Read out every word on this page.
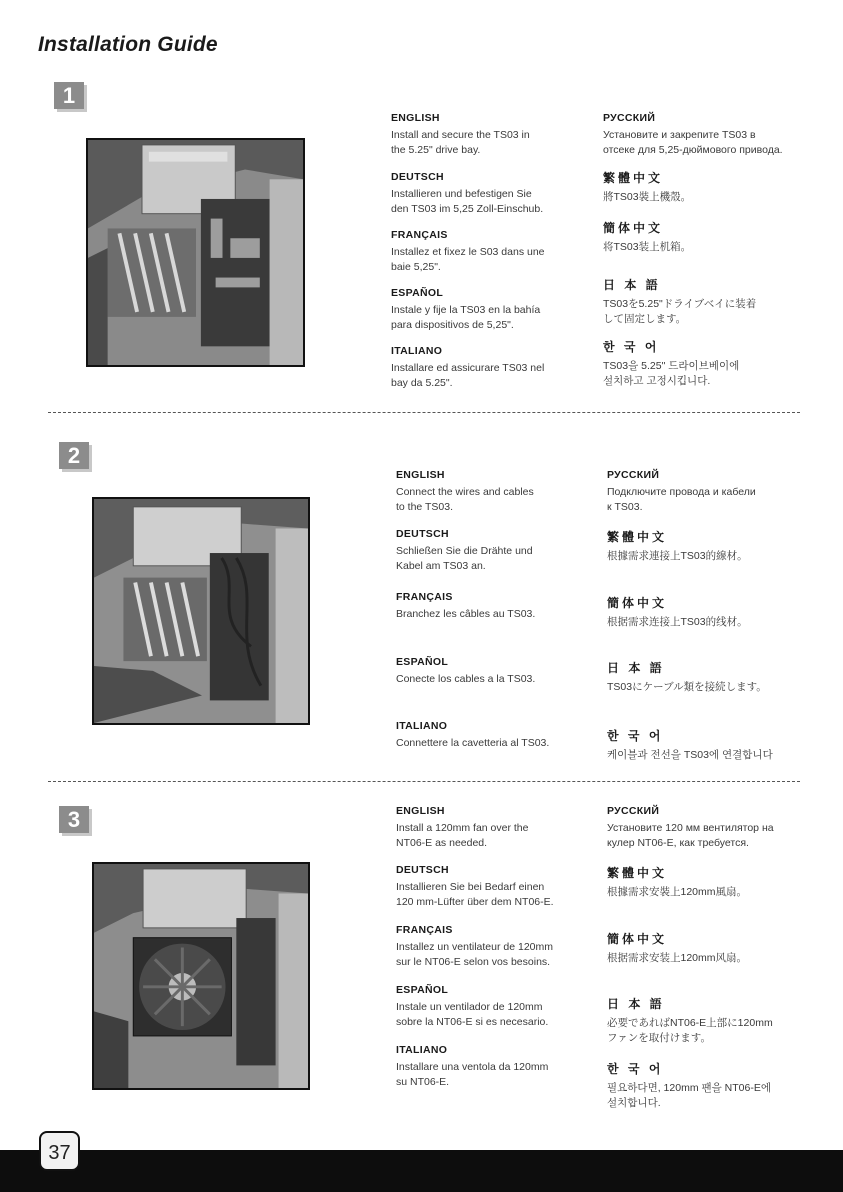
Installation Guide
1

ENGLISH

Install and secure the TS03 in
the 5.25" drive bay.

DEUTSCH

Installieren und befestigen Sie
den TS03 im 5,25 Zoll-Einschub.

FRANÇAIS

Installez et fixez le S03 dans une
baie 5,25".

ESPAÑOL

Instale y fije la TS03 en la bahía
para dispositivos de 5,25".

ITALIANO

Installare ed assicurare TS03 nel
bay da 5.25".

РУССКИЙ

Установите и закрепите TS03 в
отсеке для 5,25-дюймового привода.

繁體中文

將TS03裝上機殼。

簡体中文

将TS03装上机箱。

日 本 語

TS03を5.25"ドライブベイに装着
して固定します。

한 국 어

TS03을 5.25" 드라이브베이에
설치하고 고정시킵니다.

2

ENGLISH

Connect the wires and cables
to the TS03.

DEUTSCH

Schließen Sie die Drähte und
Kabel am TS03 an.

FRANÇAIS

Branchez les câbles au TS03.

ESPAÑOL

Conecte los cables a la TS03.

ITALIANO

Connettere la cavetteria al TS03.

РУССКИЙ

Подключите провода и кабели
к TS03.

繁體中文

根據需求連接上TS03的線材。

簡体中文

根据需求连接上TS03的线材。

日 本 語

TS03にケーブル類を接続します。

한 국 어

케이블과 전선을 TS03에 연결합니다

3	ENGLISH

Install a 120mm fan over the
NT06-E as needed.

DEUTSCH

Installieren Sie bei Bedarf einen
120 mm-Lüfter über dem NT06-E.

FRANÇAIS

Installez un ventilateur de 120mm
sur le NT06-E selon vos besoins.

ESPAÑOL

Instale un ventilador de 120mm
sobre la NT06-E si es necesario.

ITALIANO

Installare una ventola da 120mm
su NT06-E.

РУССКИЙ

Установите 120 мм вентилятор на
кулер NT06-E, как требуется.

繁體中文

根據需求安裝上120mm風扇。

簡体中文

根据需求安装上120mm风扇。

日 本 語

必要であればNT06-E上部に120mm
ファンを取付けます。

한 국 어

필요하다면, 120mm 팬을 NT06-E에
설치합니다.

37
